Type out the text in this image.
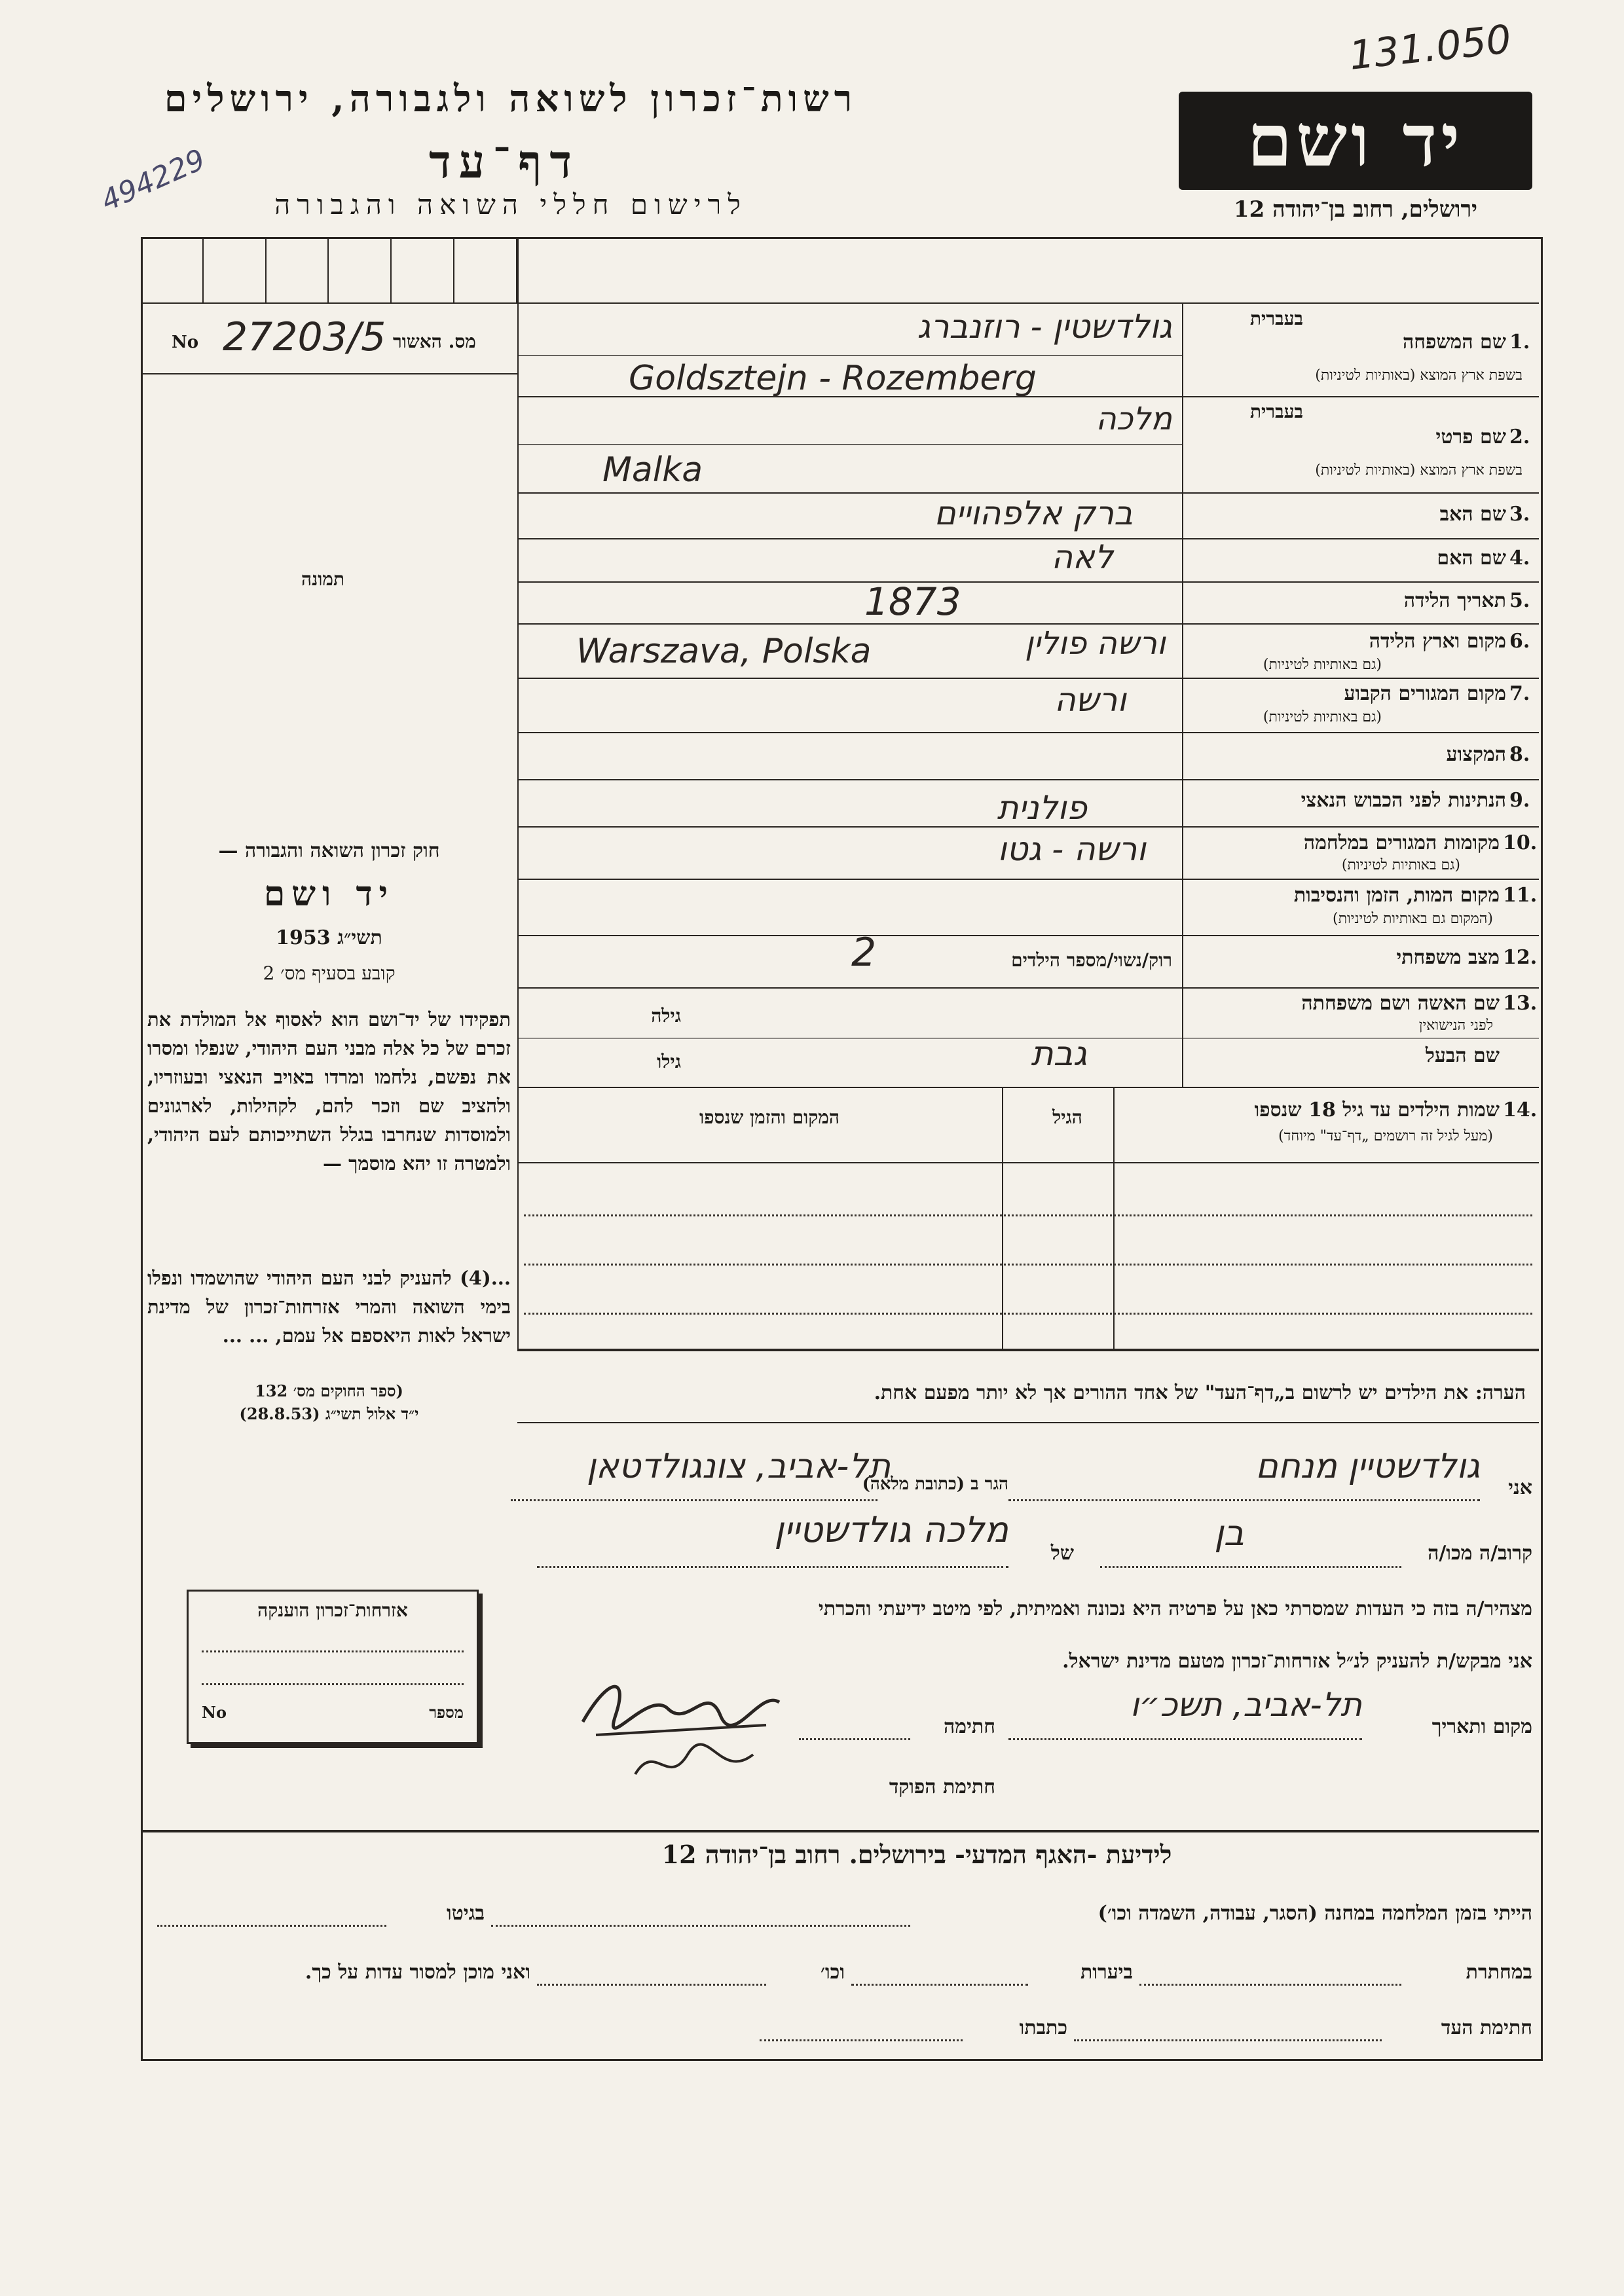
131.050
494229
רשות־זכרון לשואה ולגבורה, ירושלים
דף־עד
לרישום חללי השואה והגבורה
יד ושם
ירושלים, רחוב בן־יהודה 12
מס. האשור
27203/5
No
תמונה
1.
שם המשפחה
בעברית
בשפת ארץ המוצא (באותיות לטיניות)
גולדשטין - רוזנברג
Goldsztejn - Rozemberg
2.
שם פרטי
בעברית
בשפת ארץ המוצא (באותיות לטיניות)
מלכה
Malka
3.
שם האב
ברק אלפהויים
4.
שם האם
לאה
5.
תאריך הלידה
1873
6.
מקום וארץ הלידה
(גם באותיות לטיניות)
ורשה פולין
Warszava, Polska
7.
מקום המגורים הקבוע
(גם באותיות לטיניות)
ורשה
8.
המקצוע
9.
הנתינות לפני הכבוש הנאצי
פולנית
10.
מקומות המגורים במלחמה
(גם באותיות לטיניות)
ורשה - גטו
11.
מקום המות, הזמן והנסיבות
(המקום גם באותיות לטיניות)
12.
מצב משפחתי
רוק/נשוי/מספר הילדים
2
13.
שם האשה ושם משפחתה
לפני הנישואין
גילה
שם הבעל
גבת
גילו
14.
שמות הילדים עד גיל 18 שנספו
(מעל לגיל זה רושמים „דף־עד" מיוחד)
הגיל
המקום והזמן שנספו
הערה: את הילדים יש לרשום ב„דף־העד" של אחד ההורים אך לא יותר מפעם אחת.
חוק זכרון השואה והגבורה —
יד ושם
תשי״ג 1953
קובע בסעיף מס׳ 2
תפקידו של יד־ושם הוא לאסוף אל המולדת את זכרם של כל אלה מבני העם היהודי, שנפלו ומסרו את נפשם, נלחמו ומרדו באויב הנאצי ובעוזריו, ולהציב שם וזכר להם, לקהילות, לארגונים ולמוסדות שנחרבו בגלל השתייכותם לעם היהודי, ולמטרה זו יהא מוסמך —
...(4) להעניק לבני העם היהודי שהושמדו ונפלו בימי השואה והמרי אזרחות־זכרון של מדינת ישראל לאות היאספם אל עמם, ... ...
(ספר החוקים מס׳ 132
י״ד אלול תשי״ג (28.8.53)
אני
גולדשטיין מנחם
הגר ב (כתובת מלאה)
תל-אביב, צונגולדטאן
קרוב/ה מכו/ה
בן
של
מלכה גולדשטיין
מצהיר/ה בזה כי העדות שמסרתי כאן על פרטיה היא נכונה ואמיתית, לפי מיטב ידיעתי והכרתי
אני מבקש/ת להעניק לנ״ל אזרחות־זכרון מטעם מדינת ישראל.
מקום ותאריך
תל-אביב, תשכ״ו
חתימה
חתימת הפוקד
אזרחות־זכרון הוענקה
מספר
No
לידיעת -האגף המדעי- בירושלים. רחוב בן־יהודה 12
הייתי בזמן המלחמה במחנה (הסגר, עבודה, השמדה וכו׳)
בגיטו
במחתרת
ביערות
וכו׳
ואני מוכן למסור עדות על כך.
חתימת העד
כתבתו
